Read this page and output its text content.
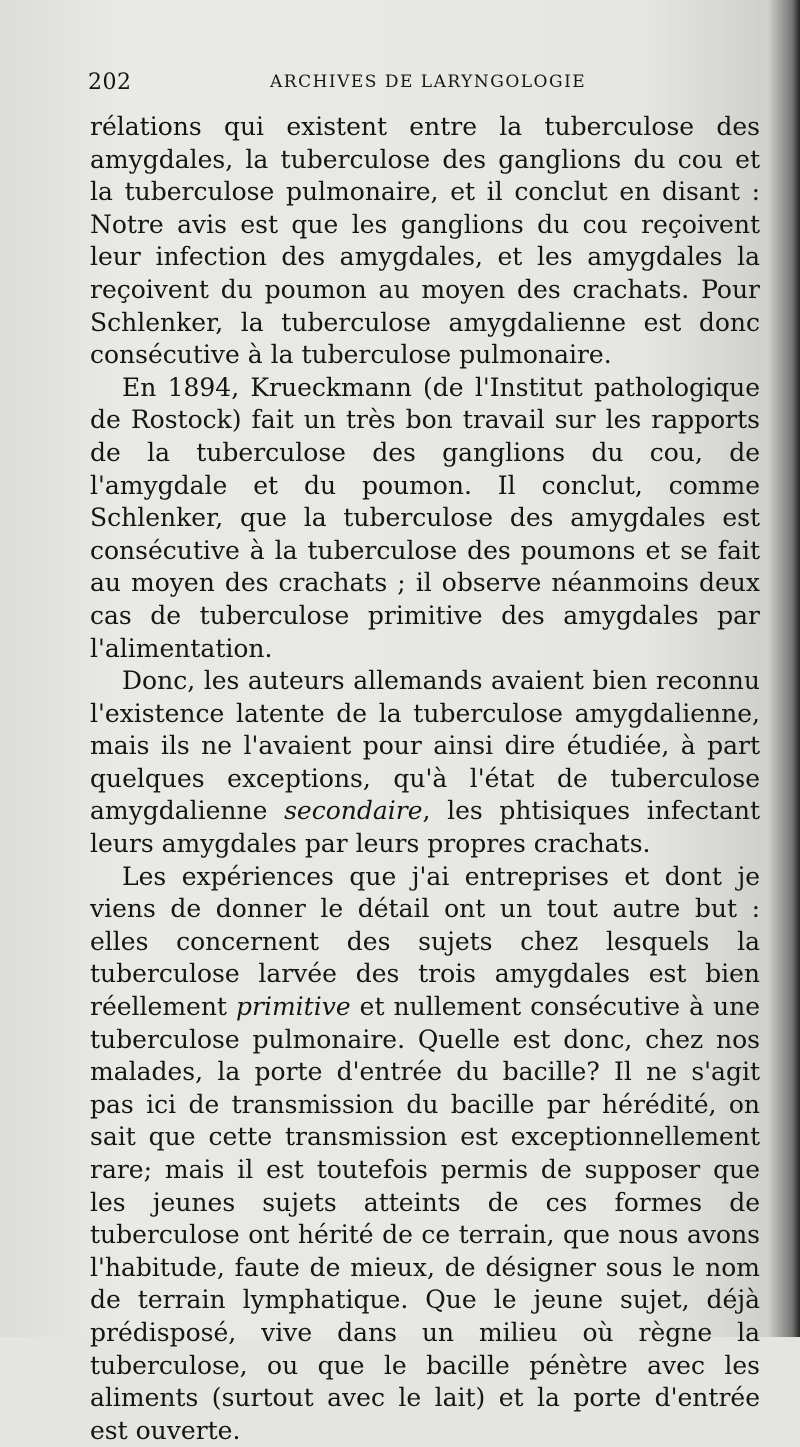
202	ARCHIVES DE LARYNGOLOGIE

rélations qui existent entre la tuberculose des amygdales, la tuberculose des ganglions du cou et la tuberculose pulmonaire, et il conclut en disant : Notre avis est que les ganglions du cou reçoivent leur infection des amygdales, et les amygdales la reçoivent du poumon au moyen des crachats. Pour Schlenker, la tuberculose amygdalienne est donc consécutive à la tuberculose pulmonaire.

En 1894, Krueckmann (de l'Institut pathologique de Rostock) fait un très bon travail sur les rapports de la tuberculose des ganglions du cou, de l'amygdale et du poumon. Il conclut, comme Schlenker, que la tuberculose des amygdales est consécutive à la tuberculose des poumons et se fait au moyen des crachats ; il observe néanmoins deux cas de tuberculose primitive des amygdales par l'alimentation.

Donc, les auteurs allemands avaient bien reconnu l'existence latente de la tuberculose amygdalienne, mais ils ne l'avaient pour ainsi dire étudiée, à part quelques exceptions, qu'à l'état de tuberculose amygdalienne secondaire, les phtisiques infectant leurs amygdales par leurs propres crachats.

Les expériences que j'ai entreprises et dont je viens de donner le détail ont un tout autre but : elles concernent des sujets chez lesquels la tuberculose larvée des trois amygdales est bien réellement primitive et nullement consécutive à une tuberculose pulmonaire. Quelle est donc, chez nos malades, la porte d'entrée du bacille? Il ne s'agit pas ici de transmission du bacille par hérédité, on sait que cette transmission est exceptionnellement rare; mais il est toutefois permis de supposer que les jeunes sujets atteints de ces formes de tuberculose ont hérité de ce terrain, que nous avons l'habitude, faute de mieux, de désigner sous le nom de terrain lymphatique. Que le jeune sujet, déjà prédisposé, vive dans un milieu où règne la tuberculose, ou que le bacille pénètre avec les aliments (surtout avec le lait) et la porte d'entrée est ouverte.
